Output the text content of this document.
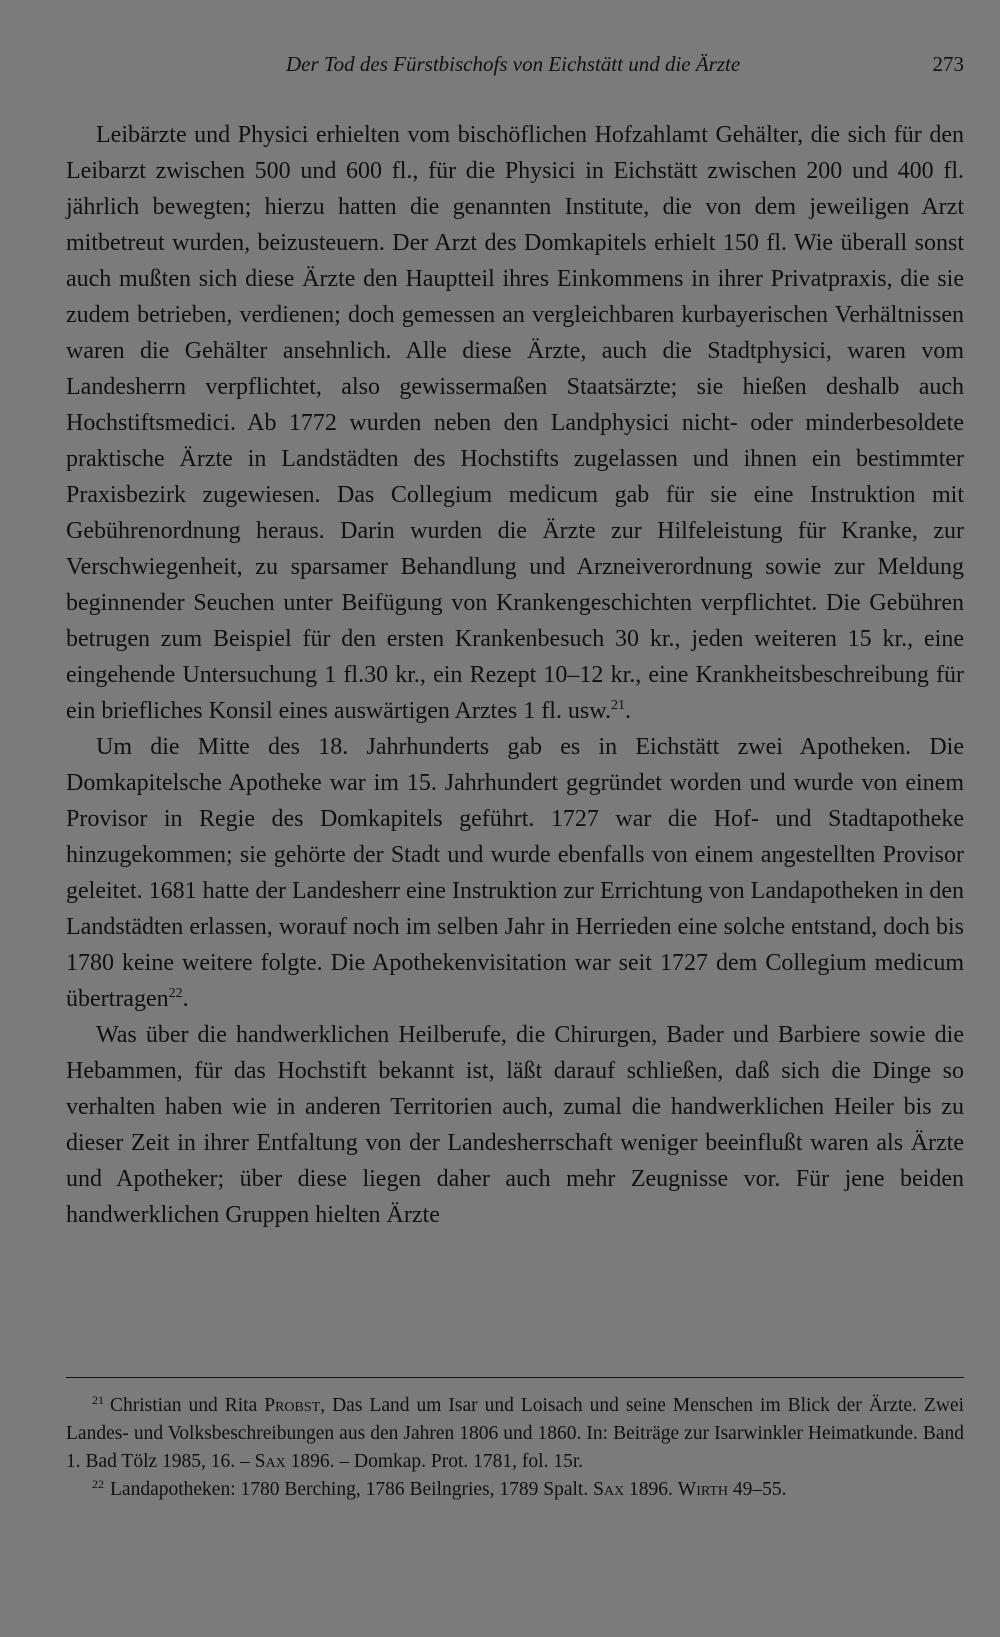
Der Tod des Fürstbischofs von Eichstätt und die Ärzte	273

Leibärzte und Physici erhielten vom bischöflichen Hofzahlamt Gehälter, die sich für den Leibarzt zwischen 500 und 600 fl., für die Physici in Eichstätt zwischen 200 und 400 fl. jährlich bewegten; hierzu hatten die genannten Institute, die von dem jeweiligen Arzt mitbetreut wurden, beizusteuern. Der Arzt des Domkapitels erhielt 150 fl. Wie überall sonst auch mußten sich diese Ärzte den Hauptteil ihres Einkommens in ihrer Privatpraxis, die sie zudem betrieben, verdienen; doch gemessen an vergleichbaren kurbayerischen Verhältnissen waren die Gehälter ansehnlich. Alle diese Ärzte, auch die Stadtphysici, waren vom Landesherrn verpflichtet, also gewissermaßen Staatsärzte; sie hießen deshalb auch Hochstiftsmedici. Ab 1772 wurden neben den Landphysici nicht- oder minderbesoldete praktische Ärzte in Landstädten des Hochstifts zugelassen und ihnen ein bestimmter Praxisbezirk zugewiesen. Das Collegium medicum gab für sie eine Instruktion mit Gebührenordnung heraus. Darin wurden die Ärzte zur Hilfeleistung für Kranke, zur Verschwiegenheit, zu sparsamer Behandlung und Arzneiverordnung sowie zur Meldung beginnender Seuchen unter Beifügung von Krankengeschichten verpflichtet. Die Gebühren betrugen zum Beispiel für den ersten Krankenbesuch 30 kr., jeden weiteren 15 kr., eine eingehende Untersuchung 1 fl.30 kr., ein Rezept 10–12 kr., eine Krankheitsbeschreibung für ein briefliches Konsil eines auswärtigen Arztes 1 fl. usw.$^{21}$.

Um die Mitte des 18. Jahrhunderts gab es in Eichstätt zwei Apotheken. Die Domkapitelsche Apotheke war im 15. Jahrhundert gegründet worden und wurde von einem Provisor in Regie des Domkapitels geführt. 1727 war die Hof- und Stadtapotheke hinzugekommen; sie gehörte der Stadt und wurde ebenfalls von einem angestellten Provisor geleitet. 1681 hatte der Landesherr eine Instruktion zur Errichtung von Landapotheken in den Landstädten erlassen, worauf noch im selben Jahr in Herrieden eine solche entstand, doch bis 1780 keine weitere folgte. Die Apothekenvisitation war seit 1727 dem Collegium medicum übertragen$^{22}$.

Was über die handwerklichen Heilberufe, die Chirurgen, Bader und Barbiere sowie die Hebammen, für das Hochstift bekannt ist, läßt darauf schließen, daß sich die Dinge so verhalten haben wie in anderen Territorien auch, zumal die handwerklichen Heiler bis zu dieser Zeit in ihrer Entfaltung von der Landesherrschaft weniger beeinflußt waren als Ärzte und Apotheker; über diese liegen daher auch mehr Zeugnisse vor. Für jene beiden handwerklichen Gruppen hielten Ärzte

$^{21}$ Christian und Rita Probst, Das Land um Isar und Loisach und seine Menschen im Blick der Ärzte. Zwei Landes- und Volksbeschreibungen aus den Jahren 1806 und 1860. In: Beiträge zur Isarwinkler Heimatkunde. Band 1. Bad Tölz 1985, 16. – Sax 1896. – Domkap. Prot. 1781, fol. 15r.

$^{22}$ Landapotheken: 1780 Berching, 1786 Beilngries, 1789 Spalt. Sax 1896. Wirth 49–55.
